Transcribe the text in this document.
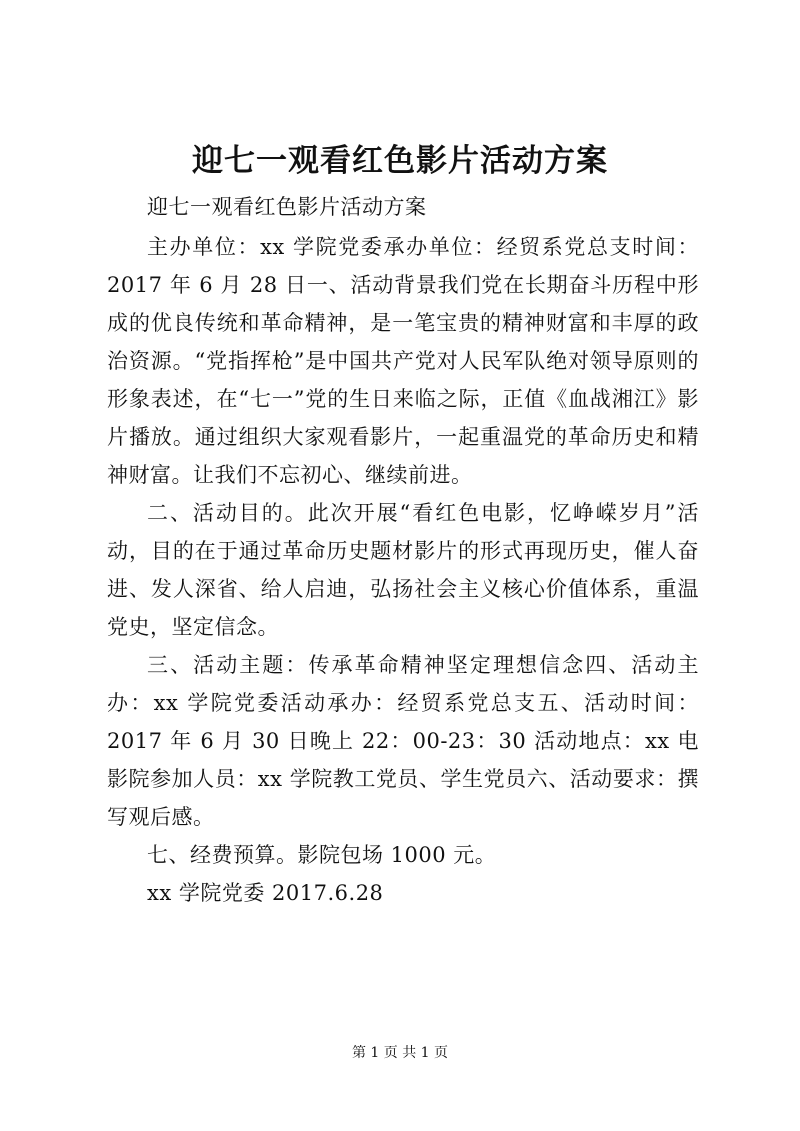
迎七一观看红色影片活动方案

迎七一观看红色影片活动方案

主办单位：xx 学院党委承办单位：经贸系党总支时间：2017 年 6 月 28 日一、活动背景我们党在长期奋斗历程中形成的优良传统和革命精神，是一笔宝贵的精神财富和丰厚的政治资源。“党指挥枪”是中国共产党对人民军队绝对领导原则的形象表述，在“七一”党的生日来临之际，正值《血战湘江》影片播放。通过组织大家观看影片，一起重温党的革命历史和精神财富。让我们不忘初心、继续前进。

二、活动目的。此次开展“看红色电影，忆峥嵘岁月”活动，目的在于通过革命历史题材影片的形式再现历史，催人奋进、发人深省、给人启迪，弘扬社会主义核心价值体系，重温党史，坚定信念。

三、活动主题：传承革命精神坚定理想信念四、活动主办：xx 学院党委活动承办：经贸系党总支五、活动时间：2017 年 6 月 30 日晚上 22：00-23：30 活动地点：xx 电影院参加人员：xx 学院教工党员、学生党员六、活动要求：撰写观后感。

七、经费预算。影院包场 1000 元。

xx 学院党委 2017.6.28

第 1 页 共 1 页
